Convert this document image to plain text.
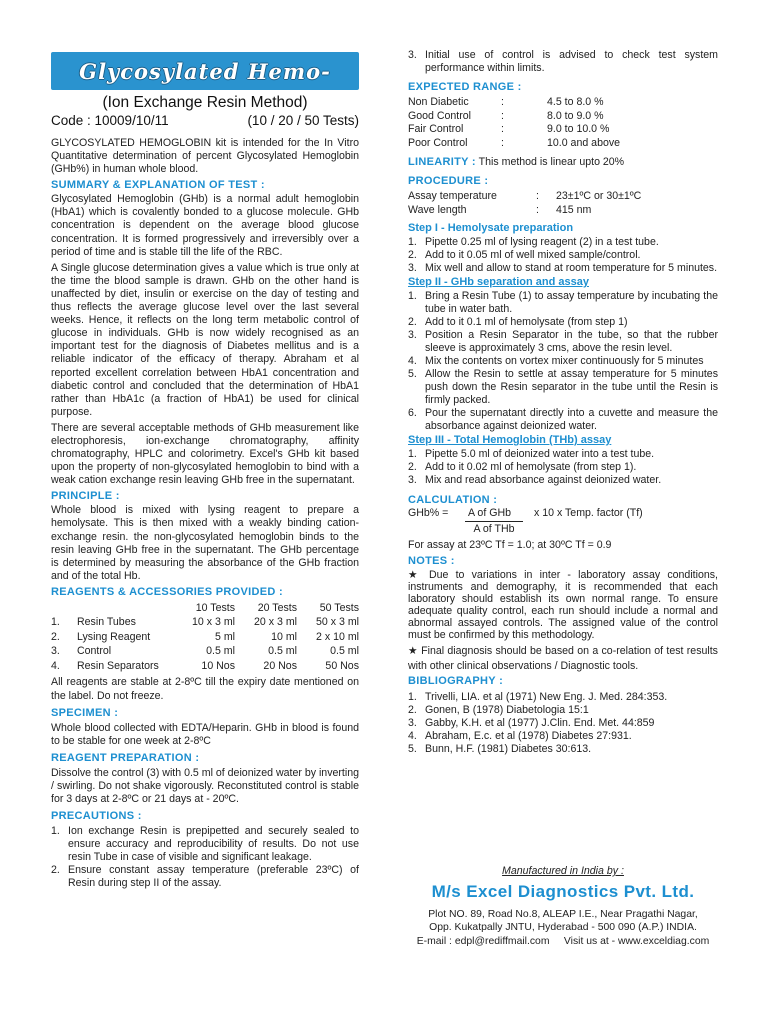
Glycosylated Hemo-
(Ion Exchange Resin Method)
Code : 10009/10/11	(10 / 20 / 50 Tests)

GLYCOSYLATED HEMOGLOBIN kit is intended for the In Vitro Quantitative determination of percent Glycosylated Hemoglobin (GHb%) in human whole blood.

SUMMARY & EXPLANATION OF TEST :

Glycosylated Hemoglobin (GHb) is a normal adult hemoglobin (HbA1) which is covalently bonded to a glucose molecule. GHb concentration is dependent on the average blood glucose concentration. It is formed progressively and irreversibly over a period of time and is stable till the life of the RBC.

A Single glucose determination gives a value which is true only at the time the blood sample is drawn. GHb on the other hand is unaffected by diet, insulin or exercise on the day of testing and thus reflects the average glucose level over the last several weeks. Hence, it reflects on the long term metabolic control of glucose in individuals. GHb is now widely recognised as an important test for the diagnosis of Diabetes mellitus and is a reliable indicator of the efficacy of therapy. Abraham et al reported excellent correlation between HbA1 concentration and diabetic control and concluded that the determination of HbA1 rather than HbA1c (a fraction of HbA1) be used for clinical purpose.

There are several acceptable methods of GHb measurement like electrophoresis, ion-exchange chromatography, affinity chromatography, HPLC and colorimetry. Excel's GHb kit based upon the property of non-glycosylated hemoglobin to bind with a weak cation exchange resin leaving GHb free in the supernatant.

PRINCIPLE :

Whole blood is mixed with lysing reagent to prepare a hemolysate. This is then mixed with a weakly binding cation-exchange resin. the non-glycosylated hemoglobin binds to the resin leaving GHb free in the supernatant. The GHb percentage is determined by measuring the absorbance of the GHb fraction and of the total Hb.

REAGENTS & ACCESSORIES PROVIDED :

		10 Tests	20 Tests	50 Tests
1.	Resin Tubes	10 x 3 ml	20 x 3 ml	50 x 3 ml
2.	Lysing Reagent	5 ml	10 ml	2 x 10 ml
3.	Control	0.5 ml	0.5 ml	0.5 ml
4.	Resin Separators	10 Nos	20 Nos	50 Nos

All reagents are stable at 2-8ºC till the expiry date mentioned on the label. Do not freeze.

SPECIMEN :

Whole blood collected with EDTA/Heparin. GHb in blood is found to be stable for one week at 2-8ºC

REAGENT PREPARATION :

Dissolve the control (3) with 0.5 ml of deionized water by inverting / swirling. Do not shake vigorously. Reconstituted control is stable for 3 days at 2-8ºC or 21 days at - 20ºC.

PRECAUTIONS :

1. Ion exchange Resin is prepipetted and securely sealed to ensure accuracy and reproducibility of results. Do not use resin Tube in case of visible and significant leakage.
2. Ensure constant assay temperature (preferable 23ºC) of Resin during step II of the assay.
3. Initial use of control is advised to check test system performance within limits.

EXPECTED RANGE :

Non Diabetic	:	4.5 to 8.0 %
Good Control	:	8.0 to 9.0 %
Fair Control	:	9.0 to 10.0 %
Poor Control	:	10.0 and above

LINEARITY : This method is linear upto 20%

PROCEDURE :

Assay temperature	:	23±1ºC or 30±1ºC
Wave length	:	415 nm

Step I - Hemolysate preparation

1. Pipette 0.25 ml of lysing reagent (2) in a test tube.
2. Add to it 0.05 ml of well mixed sample/control.
3. Mix well and allow to stand at room temperature for 5 minutes.

Step II - GHb separation and assay

1. Bring a Resin Tube (1) to assay temperature by incubating the tube in water bath.
2. Add to it 0.1 ml of hemolysate (from step 1)
3. Position a Resin Separator in the tube, so that the rubber sleeve is approximately 3 cms, above the resin level.
4. Mix the contents on vortex mixer continuously for 5 minutes
5. Allow the Resin to settle at assay temperature for 5 minutes push down the Resin separator in the tube until the Resin is firmly packed.
6. Pour the supernatant directly into a cuvette and measure the absorbance against deionized water.

Step III - Total Hemoglobin (THb) assay

1. Pipette 5.0 ml of deionized water into a test tube.
2. Add to it 0.02 ml of hemolysate (from step 1).
3. Mix and read absorbance against deionized water.

CALCULATION :

GHb% = A of GHb x 10 x Temp. factor (Tf)
A of THb

For assay at 23ºC Tf = 1.0; at 30ºC Tf = 0.9

NOTES :

★ Due to variations in inter - laboratory assay conditions, instruments and demography, it is recommended that each laboratory should establish its own normal range. To ensure adequate quality control, each run should include a normal and abnormal assayed controls. The assigned value of the control must be confirmed by this methodology.

★ Final diagnosis should be based on a co-relation of test results with other clinical observations / Diagnostic tools.

BIBLIOGRAPHY :

1. Trivelli, LIA. et al (1971) New Eng. J. Med. 284:353.
2. Gonen, B (1978) Diabetologia 15:1
3. Gabby, K.H. et al (1977) J.Clin. End. Met. 44:859
4. Abraham, E.c. et al (1978) Diabetes 27:931.
5. Bunn, H.F. (1981) Diabetes 30:613.
Manufactured in India by :
M/s Excel Diagnostics Pvt. Ltd.
Plot NO. 89, Road No.8, ALEAP I.E., Near Pragathi Nagar,
Opp. Kukatpally JNTU, Hyderabad - 500 090 (A.P.) INDIA.
E-mail : edpl@rediffmail.com     Visit us at - www.exceldiag.com
